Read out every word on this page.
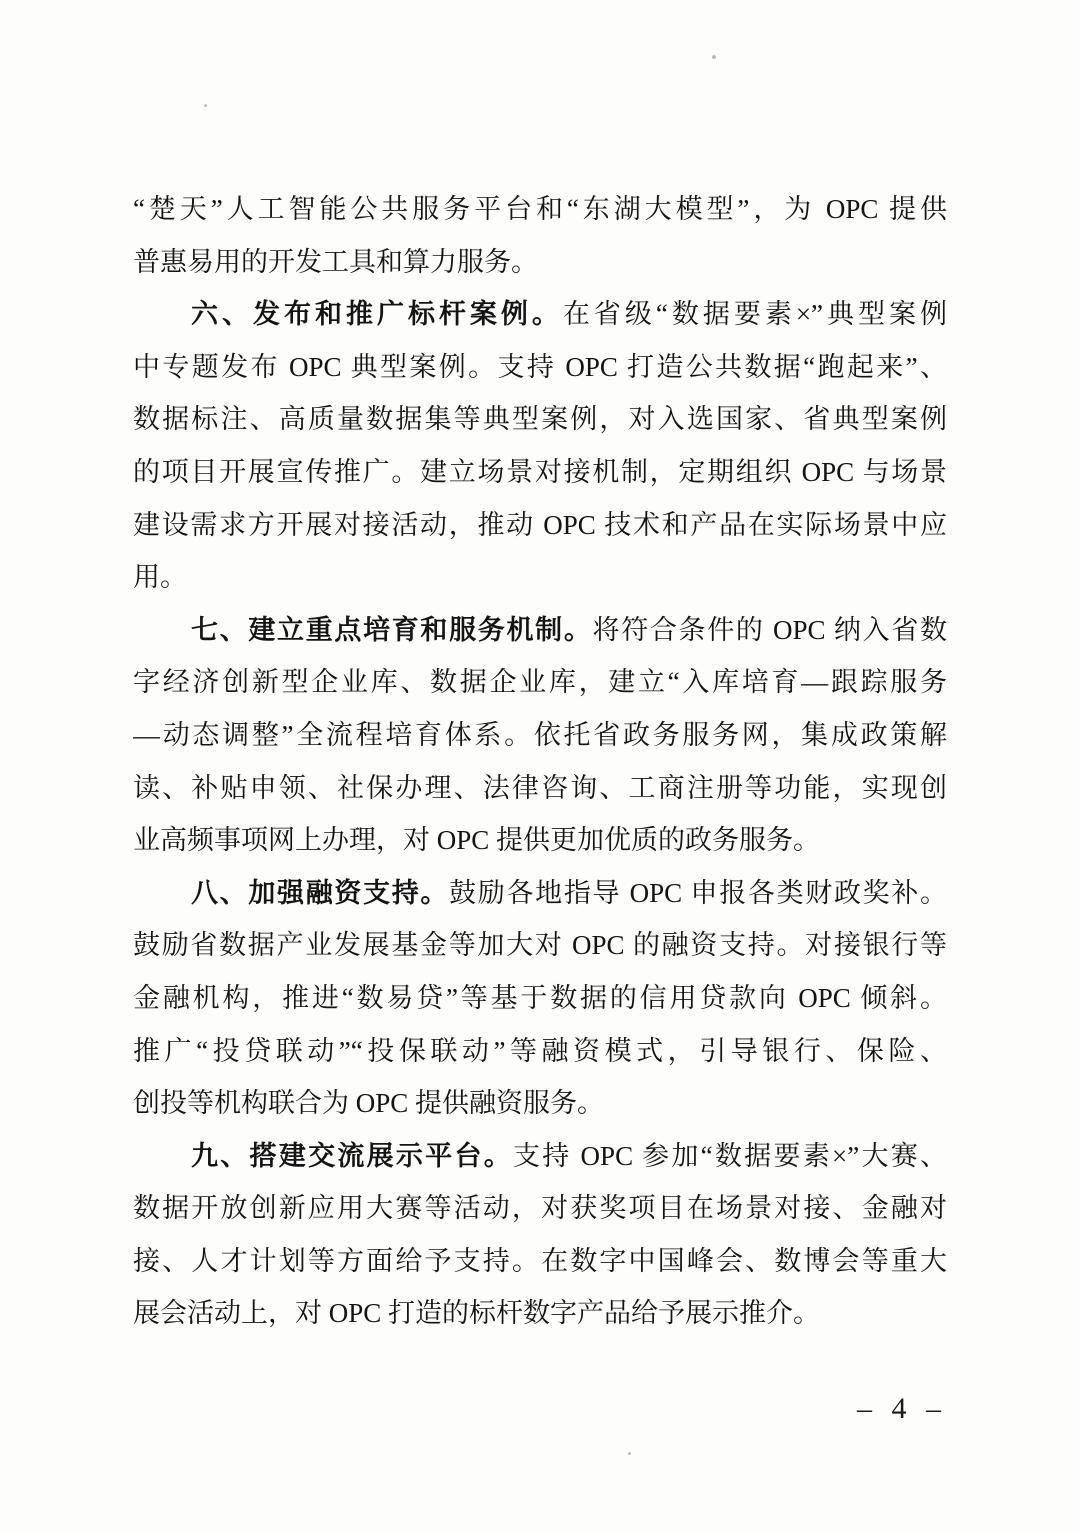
“楚天”人工智能公共服务平台和“东湖大模型”，为 OPC 提供
普惠易用的开发工具和算力服务。
六、发布和推广标杆案例。在省级“数据要素×”典型案例
中专题发布 OPC 典型案例。支持 OPC 打造公共数据“跑起来”、
数据标注、高质量数据集等典型案例，对入选国家、省典型案例
的项目开展宣传推广。建立场景对接机制，定期组织 OPC 与场景
建设需求方开展对接活动，推动 OPC 技术和产品在实际场景中应
用。
七、建立重点培育和服务机制。将符合条件的 OPC 纳入省数
字经济创新型企业库、数据企业库，建立“入库培育—跟踪服务
—动态调整”全流程培育体系。依托省政务服务网，集成政策解
读、补贴申领、社保办理、法律咨询、工商注册等功能，实现创
业高频事项网上办理，对 OPC 提供更加优质的政务服务。
八、加强融资支持。鼓励各地指导 OPC 申报各类财政奖补。
鼓励省数据产业发展基金等加大对 OPC 的融资支持。对接银行等
金融机构，推进“数易贷”等基于数据的信用贷款向 OPC 倾斜。
推广“投贷联动”“投保联动”等融资模式，引导银行、保险、
创投等机构联合为 OPC 提供融资服务。
九、搭建交流展示平台。支持 OPC 参加“数据要素×”大赛、
数据开放创新应用大赛等活动，对获奖项目在场景对接、金融对
接、人才计划等方面给予支持。在数字中国峰会、数博会等重大
展会活动上，对 OPC 打造的标杆数字产品给予展示推介。
– 4 –
